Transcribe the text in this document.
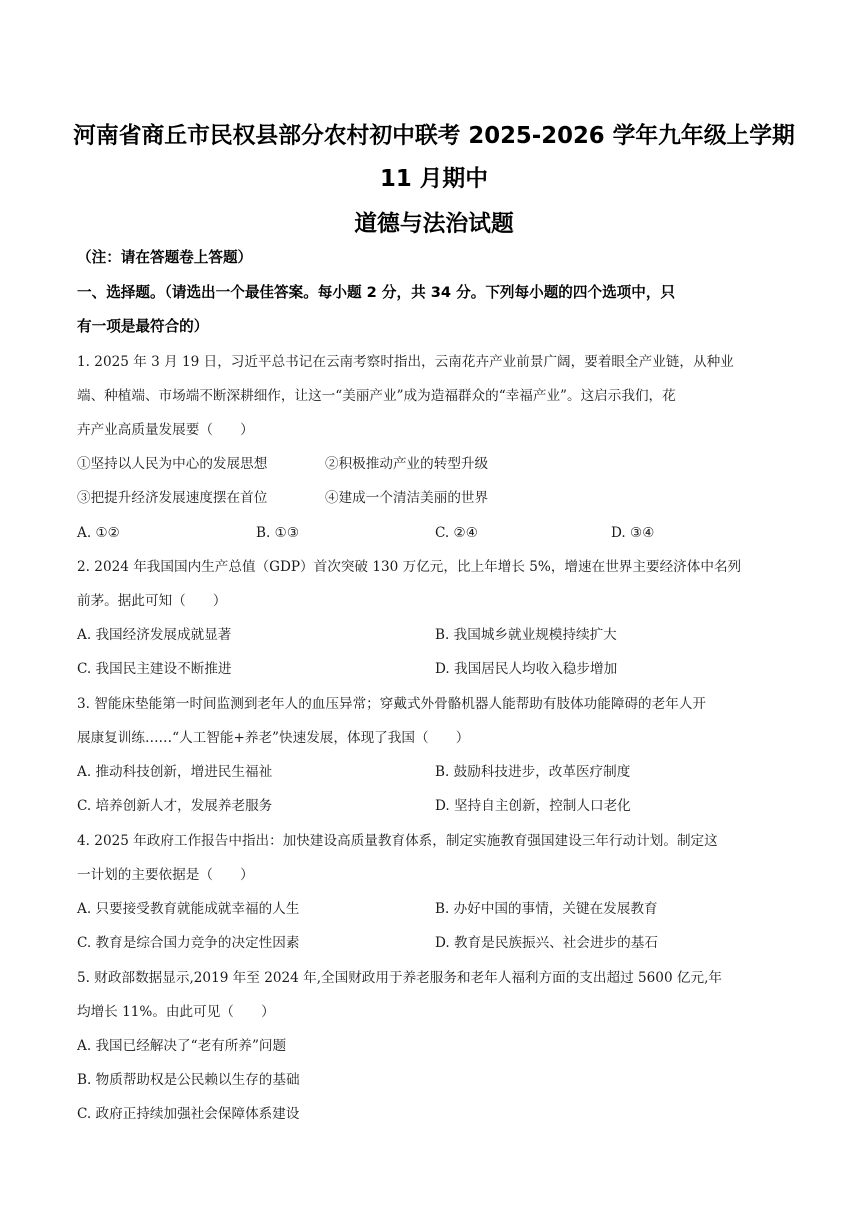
河南省商丘市民权县部分农村初中联考 2025-2026 学年九年级上学期
11 月期中
道德与法治试题
（注：请在答题卷上答题）
一、选择题。（请选出一个最佳答案。每小题 2 分，共 34 分。下列每小题的四个选项中，只
有一项是最符合的）
1. 2025 年 3 月 19 日，习近平总书记在云南考察时指出，云南花卉产业前景广阔，要着眼全产业链，从种业
端、种植端、市场端不断深耕细作，让这一“美丽产业”成为造福群众的“幸福产业”。这启示我们，花
卉产业高质量发展要（　　）
①坚持以人民为中心的发展思想	②积极推动产业的转型升级
③把提升经济发展速度摆在首位	④建成一个清洁美丽的世界
A. ①②	B. ①③	C. ②④	D. ③④
2. 2024 年我国国内生产总值（GDP）首次突破 130 万亿元，比上年增长 5%，增速在世界主要经济体中名列
前茅。据此可知（　　）
A. 我国经济发展成就显著	B. 我国城乡就业规模持续扩大
C. 我国民主建设不断推进	D. 我国居民人均收入稳步增加
3. 智能床垫能第一时间监测到老年人的血压异常；穿戴式外骨骼机器人能帮助有肢体功能障碍的老年人开
展康复训练……“人工智能+养老”快速发展，体现了我国（　　）
A. 推动科技创新，增进民生福祉	B. 鼓励科技进步，改革医疗制度
C. 培养创新人才，发展养老服务	D. 坚持自主创新，控制人口老化
4. 2025 年政府工作报告中指出：加快建设高质量教育体系，制定实施教育强国建设三年行动计划。制定这
一计划的主要依据是（　　）
A. 只要接受教育就能成就幸福的人生	B. 办好中国的事情，关键在发展教育
C. 教育是综合国力竞争的决定性因素	D. 教育是民族振兴、社会进步的基石
5. 财政部数据显示,2019 年至 2024 年,全国财政用于养老服务和老年人福利方面的支出超过 5600 亿元,年
均增长 11%。由此可见（　　）
A. 我国已经解决了“老有所养”问题
B. 物质帮助权是公民赖以生存的基础
C. 政府正持续加强社会保障体系建设
